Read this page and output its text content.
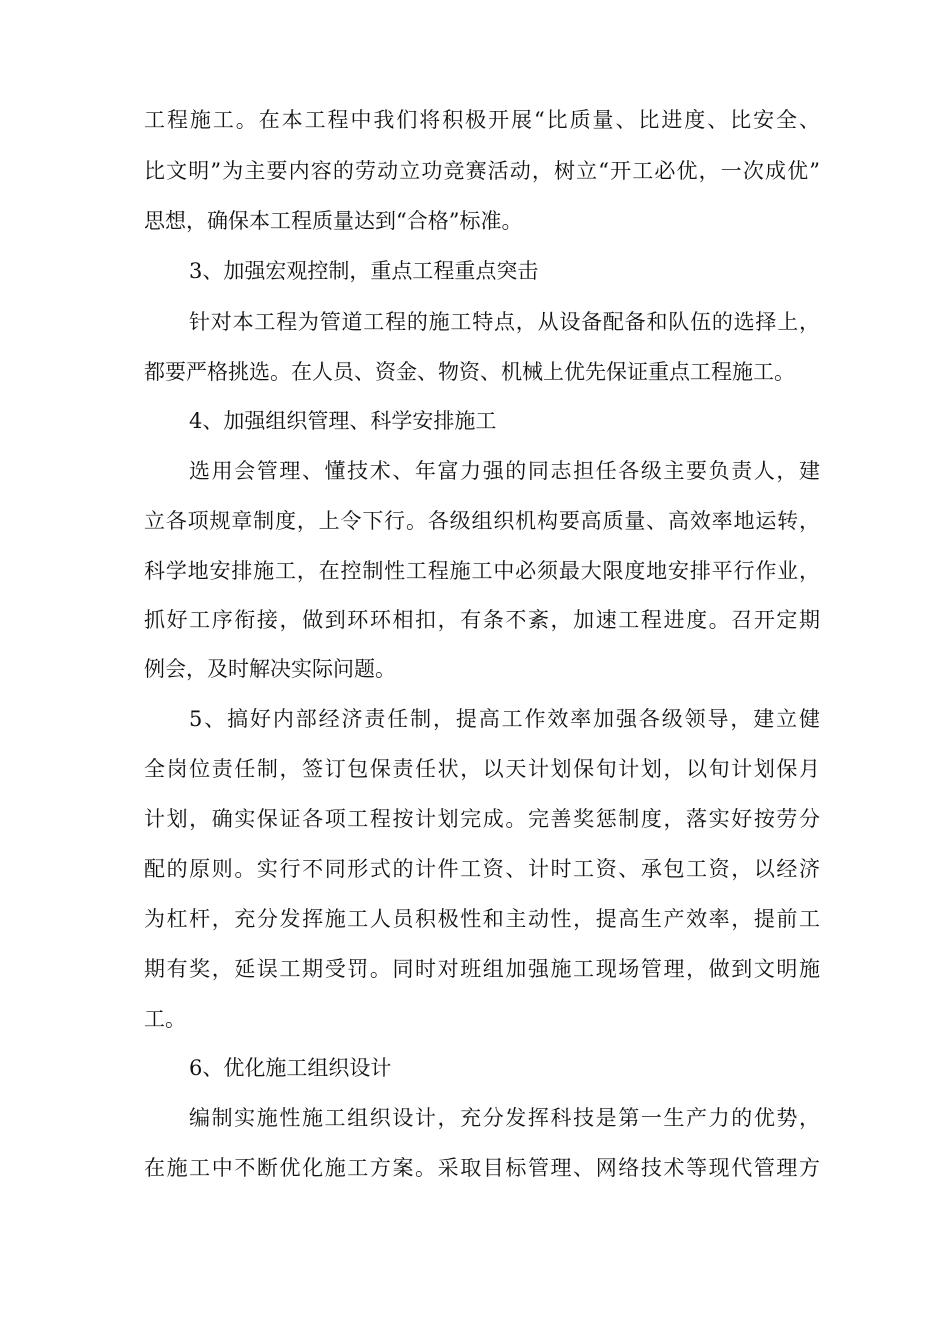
工程施工。在本工程中我们将积极开展“比质量、比进度、比安全、
比文明”为主要内容的劳动立功竞赛活动，树立“开工必优，一次成优”
思想，确保本工程质量达到“合格”标准。
3、加强宏观控制，重点工程重点突击
针对本工程为管道工程的施工特点，从设备配备和队伍的选择上，
都要严格挑选。在人员、资金、物资、机械上优先保证重点工程施工。
4、加强组织管理、科学安排施工
选用会管理、懂技术、年富力强的同志担任各级主要负责人，建
立各项规章制度，上令下行。各级组织机构要高质量、高效率地运转，
科学地安排施工，在控制性工程施工中必须最大限度地安排平行作业，
抓好工序衔接，做到环环相扣，有条不紊，加速工程进度。召开定期
例会，及时解决实际问题。
5、搞好内部经济责任制，提高工作效率加强各级领导，建立健
全岗位责任制，签订包保责任状，以天计划保旬计划，以旬计划保月
计划，确实保证各项工程按计划完成。完善奖惩制度，落实好按劳分
配的原则。实行不同形式的计件工资、计时工资、承包工资，以经济
为杠杆，充分发挥施工人员积极性和主动性，提高生产效率，提前工
期有奖，延误工期受罚。同时对班组加强施工现场管理，做到文明施
工。
6、优化施工组织设计
编制实施性施工组织设计，充分发挥科技是第一生产力的优势，
在施工中不断优化施工方案。采取目标管理、网络技术等现代管理方
